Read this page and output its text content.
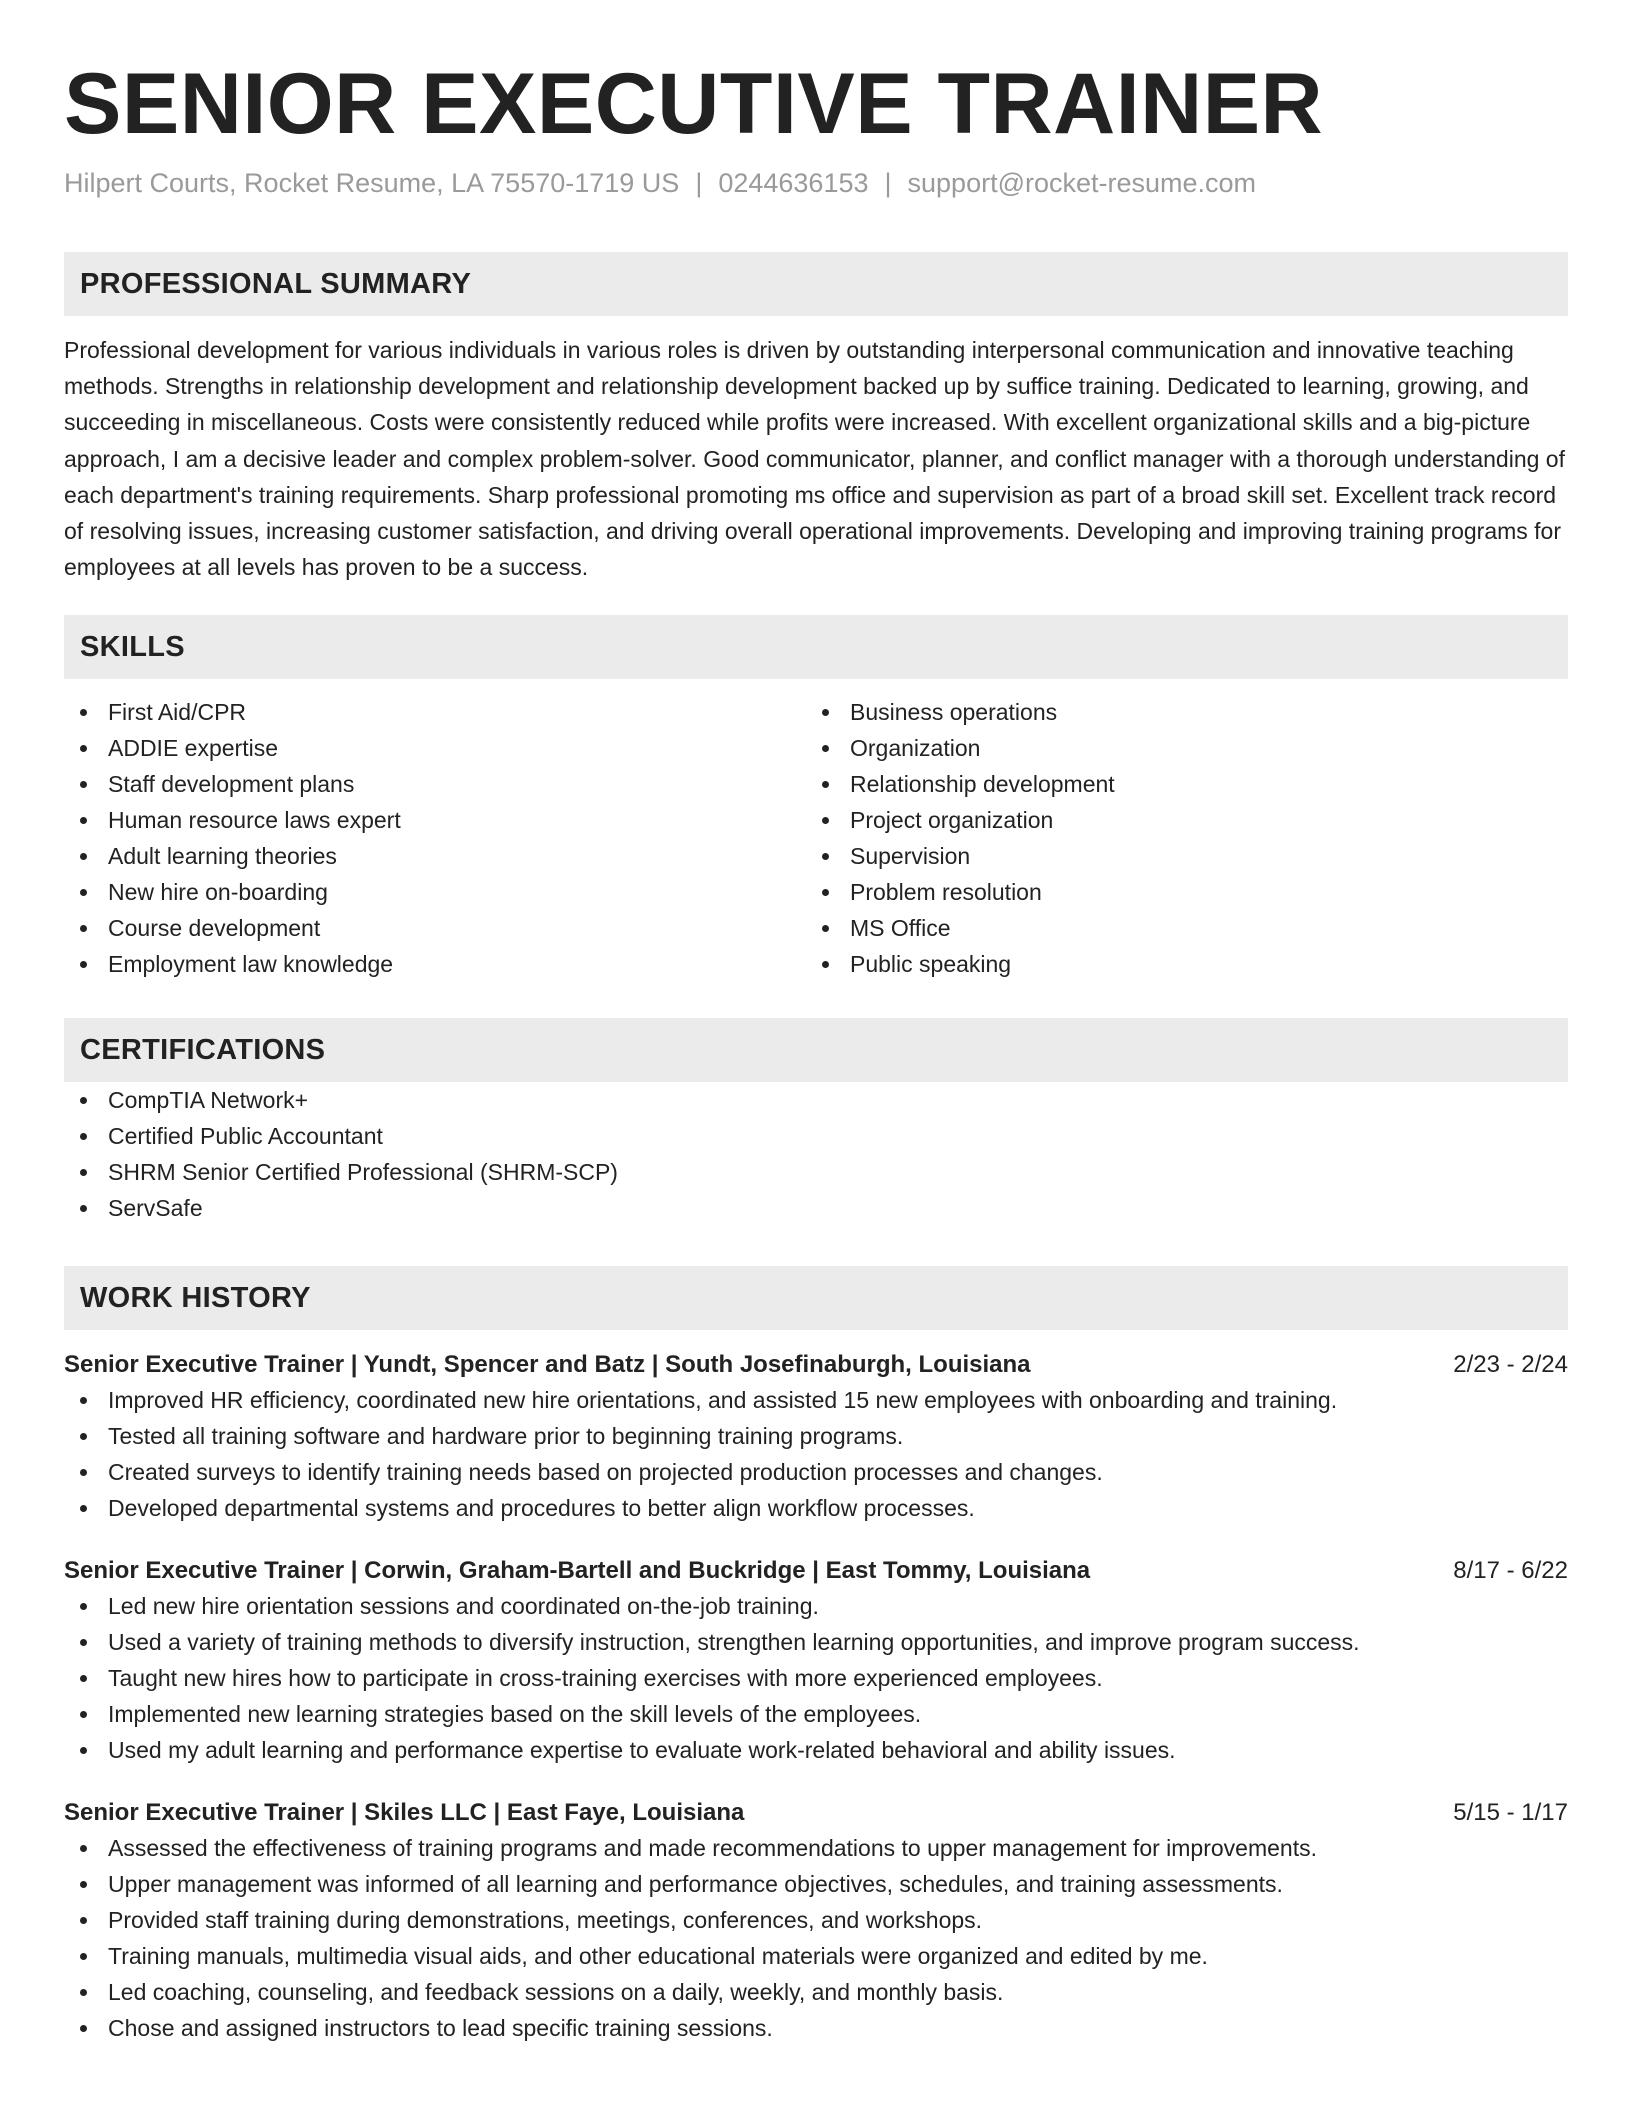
SENIOR EXECUTIVE TRAINER
Hilpert Courts, Rocket Resume, LA 75570-1719 US | 0244636153 | support@rocket-resume.com
PROFESSIONAL SUMMARY
Professional development for various individuals in various roles is driven by outstanding interpersonal communication and innovative teaching methods. Strengths in relationship development and relationship development backed up by suffice training. Dedicated to learning, growing, and succeeding in miscellaneous. Costs were consistently reduced while profits were increased. With excellent organizational skills and a big-picture approach, I am a decisive leader and complex problem-solver. Good communicator, planner, and conflict manager with a thorough understanding of each department's training requirements. Sharp professional promoting ms office and supervision as part of a broad skill set. Excellent track record of resolving issues, increasing customer satisfaction, and driving overall operational improvements. Developing and improving training programs for employees at all levels has proven to be a success.
SKILLS
First Aid/CPR
ADDIE expertise
Staff development plans
Human resource laws expert
Adult learning theories
New hire on-boarding
Course development
Employment law knowledge
Business operations
Organization
Relationship development
Project organization
Supervision
Problem resolution
MS Office
Public speaking
CERTIFICATIONS
CompTIA Network+
Certified Public Accountant
SHRM Senior Certified Professional (SHRM-SCP)
ServSafe
WORK HISTORY
Senior Executive Trainer | Yundt, Spencer and Batz | South Josefinaburgh, Louisiana	2/23 - 2/24
Improved HR efficiency, coordinated new hire orientations, and assisted 15 new employees with onboarding and training.
Tested all training software and hardware prior to beginning training programs.
Created surveys to identify training needs based on projected production processes and changes.
Developed departmental systems and procedures to better align workflow processes.
Senior Executive Trainer | Corwin, Graham-Bartell and Buckridge | East Tommy, Louisiana	8/17 - 6/22
Led new hire orientation sessions and coordinated on-the-job training.
Used a variety of training methods to diversify instruction, strengthen learning opportunities, and improve program success.
Taught new hires how to participate in cross-training exercises with more experienced employees.
Implemented new learning strategies based on the skill levels of the employees.
Used my adult learning and performance expertise to evaluate work-related behavioral and ability issues.
Senior Executive Trainer | Skiles LLC | East Faye, Louisiana	5/15 - 1/17
Assessed the effectiveness of training programs and made recommendations to upper management for improvements.
Upper management was informed of all learning and performance objectives, schedules, and training assessments.
Provided staff training during demonstrations, meetings, conferences, and workshops.
Training manuals, multimedia visual aids, and other educational materials were organized and edited by me.
Led coaching, counseling, and feedback sessions on a daily, weekly, and monthly basis.
Chose and assigned instructors to lead specific training sessions.
